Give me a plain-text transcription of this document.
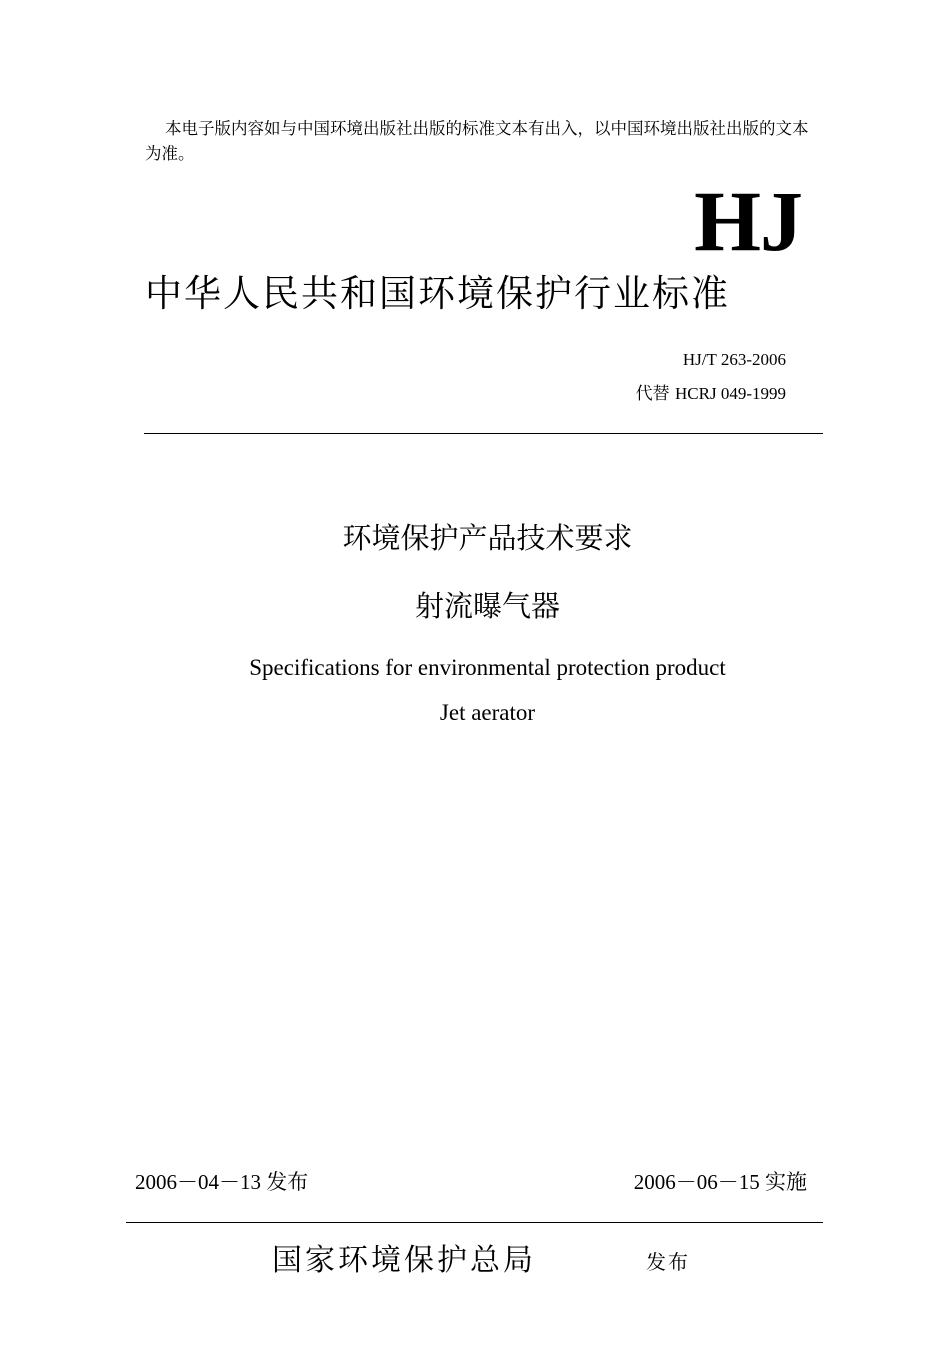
本电子版内容如与中国环境出版社出版的标准文本有出入，以中国环境出版社出版的文本为准。
HJ
中华人民共和国环境保护行业标准
HJ/T 263-2006
代替 HCRJ 049-1999
环境保护产品技术要求
射流曝气器
Specifications for environmental protection product
Jet aerator
2006－04－13 发布	2006－06－15 实施
国家环境保护总局	发布
